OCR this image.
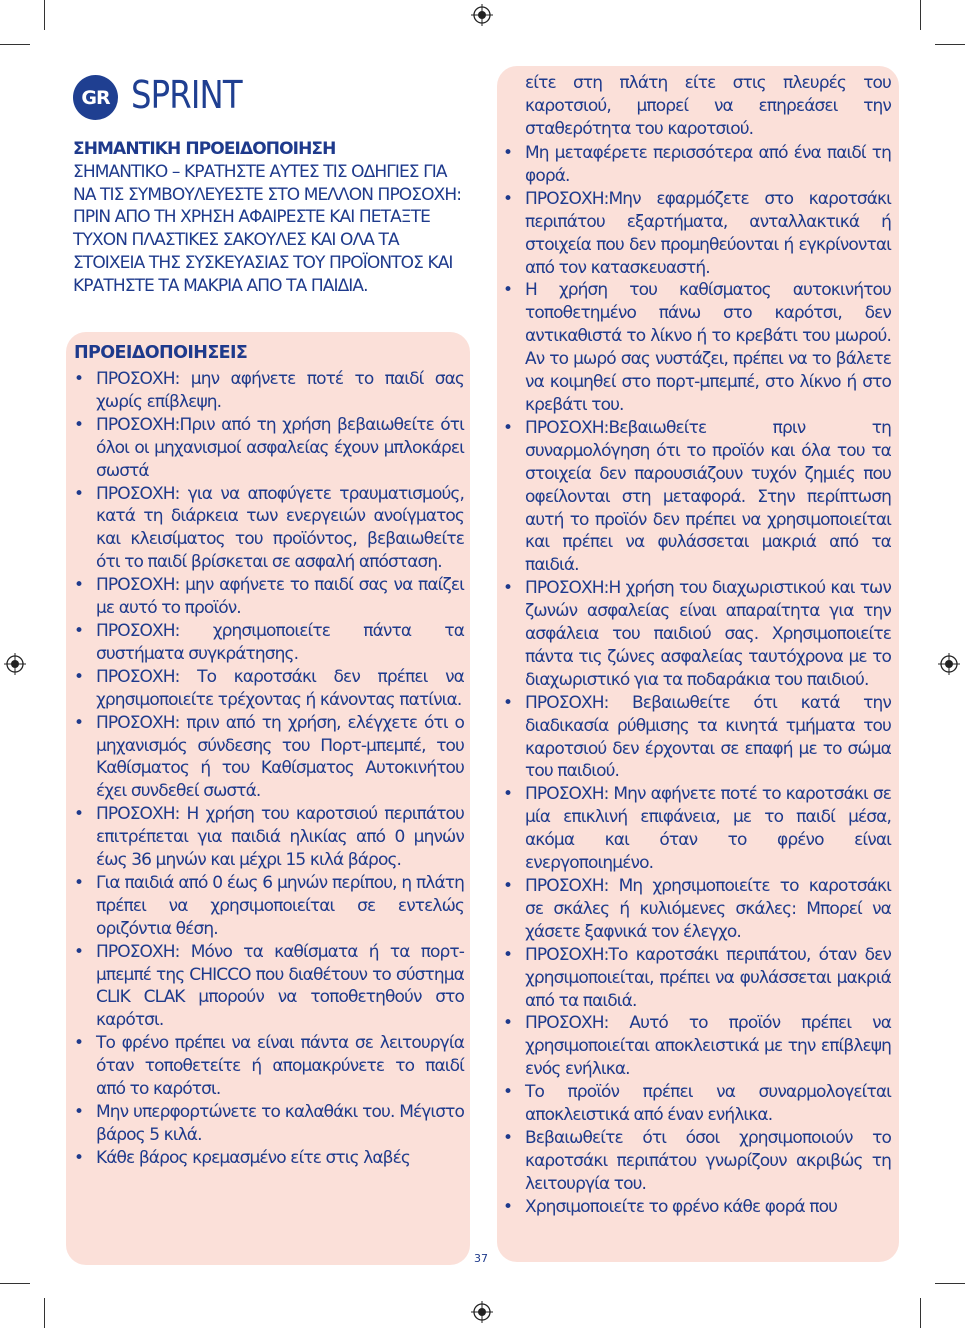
GR SPRINT
ΣΗΜΑΝΤΙΚΗ ΠΡΟΕΙΔΟΠΟΙΗΣΗ
ΣΗΜΑΝΤΙΚΟ – ΚΡΑΤΗΣΤΕ ΑΥΤΕΣ ΤΙΣ ΟΔΗΓΙΕΣ ΓΙΑ ΝΑ ΤΙΣ ΣΥΜΒΟΥΛΕΥΕΣΤΕ ΣΤΟ ΜΕΛΛΟΝ ΠΡΟΣΟΧΗ: ΠΡΙΝ ΑΠΟ ΤΗ ΧΡΗΣΗ ΑΦΑΙΡΕΣΤΕ ΚΑΙ ΠΕΤΑΞΤΕ ΤΥΧΟΝ ΠΛΑΣΤΙΚΕΣ ΣΑΚΟΥΛΕΣ ΚΑΙ ΟΛΑ ΤΑ ΣΤΟΙΧΕΙΑ ΤΗΣ ΣΥΣΚΕΥΑΣΙΑΣ ΤΟΥ ΠΡΟΪΟΝΤΟΣ ΚΑΙ ΚΡΑΤΗΣΤΕ ΤΑ ΜΑΚΡΙΑ ΑΠΟ ΤΑ ΠΑΙΔΙΑ.
ΠΡΟΕΙΔΟΠΟΙΗΣΕΙΣ
• ΠΡΟΣΟΧΗ: μην αφήνετε ποτέ το παιδί σας χωρίς επίβλεψη.
• ΠΡΟΣΟΧΗ:Πριν από τη χρήση βεβαιωθείτε ότι όλοι οι μηχανισμοί ασφαλείας έχουν μπλοκάρει σωστά
• ΠΡΟΣΟΧΗ: για να αποφύγετε τραυματισμούς, κατά τη διάρκεια των ενεργειών ανοίγματος και κλεισίματος του προϊόντος, βεβαιωθείτε ότι το παιδί βρίσκεται σε ασφαλή απόσταση.
• ΠΡΟΣΟΧΗ: μην αφήνετε το παιδί σας να παίζει με αυτό το προϊόν.
• ΠΡΟΣΟΧΗ: χρησιμοποιείτε πάντα τα συστήματα συγκράτησης.
• ΠΡΟΣΟΧΗ: Το καροτσάκι δεν πρέπει να χρησιμοποιείτε τρέχοντας ή κάνοντας πατίνια.
• ΠΡΟΣΟΧΗ: πριν από τη χρήση, ελέγχετε ότι ο μηχανισμός σύνδεσης του Πορτ-μπεμπέ, του Καθίσματος ή του Καθίσματος Αυτοκινήτου έχει συνδεθεί σωστά.
• ΠΡΟΣΟΧΗ: Η χρήση του καροτσιού περιπάτου επιτρέπεται για παιδιά ηλικίας από 0 μηνών έως 36 μηνών και μέχρι 15 κιλά βάρος.
• Για παιδιά από 0 έως 6 μηνών περίπου, η πλάτη πρέπει να χρησιμοποιείται σε εντελώς οριζόντια θέση.
• ΠΡΟΣΟΧΗ: Μόνο τα καθίσματα ή τα πορτ-μπεμπέ της CHICCO που διαθέτουν το σύστημα CLIK CLAK μπορούν να τοποθετηθούν στο καρότσι.
• Το φρένο πρέπει να είναι πάντα σε λειτουργία όταν τοποθετείτε ή απομακρύνετε το παιδί από το καρότσι.
• Μην υπερφορτώνετε το καλαθάκι του. Μέγιστο βάρος 5 κιλά.
• Κάθε βάρος κρεμασμένο είτε στις λαβές
είτε στη πλάτη είτε στις πλευρές του καροτσιού, μπορεί να επηρεάσει την σταθερότητα του καροτσιού.
• Μη μεταφέρετε περισσότερα από ένα παιδί τη φορά.
• ΠΡΟΣΟΧΗ:Μην εφαρμόζετε στο καροτσάκι περιπάτου εξαρτήματα, ανταλλακτικά ή στοιχεία που δεν προμηθεύονται ή εγκρίνονται από τον κατασκευαστή.
• Η χρήση του καθίσματος αυτοκινήτου τοποθετημένο πάνω στο καρότσι, δεν αντικαθιστά το λίκνο ή το κρεβάτι του μωρού. Αν το μωρό σας νυστάζει, πρέπει να το βάλετε να κοιμηθεί στο πορτ-μπεμπέ, στο λίκνο ή στο κρεβάτι του.
• ΠΡΟΣΟΧΗ:Βεβαιωθείτε πριν τη συναρμολόγηση ότι το προϊόν και όλα του τα στοιχεία δεν παρουσιάζουν τυχόν ζημιές που οφείλονται στη μεταφορά. Στην περίπτωση αυτή το προϊόν δεν πρέπει να χρησιμοποιείται και πρέπει να φυλάσσεται μακριά από τα παιδιά.
• ΠΡΟΣΟΧΗ:Η χρήση του διαχωριστικού και των ζωνών ασφαλείας είναι απαραίτητα για την ασφάλεια του παιδιού σας. Χρησιμοποιείτε πάντα τις ζώνες ασφαλείας ταυτόχρονα με το διαχωριστικό για τα ποδαράκια του παιδιού.
• ΠΡΟΣΟΧΗ: Βεβαιωθείτε ότι κατά την διαδικασία ρύθμισης τα κινητά τμήματα του καροτσιού δεν έρχονται σε επαφή με το σώμα του παιδιού.
• ΠΡΟΣΟΧΗ: Μην αφήνετε ποτέ το καροτσάκι σε μία επικλινή επιφάνεια, με το παιδί μέσα, ακόμα και όταν το φρένο είναι ενεργοποιημένο.
• ΠΡΟΣΟΧΗ: Μη χρησιμοποιείτε το καροτσάκι σε σκάλες ή κυλιόμενες σκάλες: Μπορεί να χάσετε ξαφνικά τον έλεγχο.
• ΠΡΟΣΟΧΗ:Το καροτσάκι περιπάτου, όταν δεν χρησιμοποιείται, πρέπει να φυλάσσεται μακριά από τα παιδιά.
• ΠΡΟΣΟΧΗ: Αυτό το προϊόν πρέπει να χρησιμοποιείται αποκλειστικά με την επίβλεψη ενός ενήλικα.
• Το προϊόν πρέπει να συναρμολογείται αποκλειστικά από έναν ενήλικα.
• Βεβαιωθείτε ότι όσοι χρησιμοποιούν το καροτσάκι περιπάτου γνωρίζουν ακριβώς τη λειτουργία του.
• Χρησιμοποιείτε το φρένο κάθε φορά που
37
